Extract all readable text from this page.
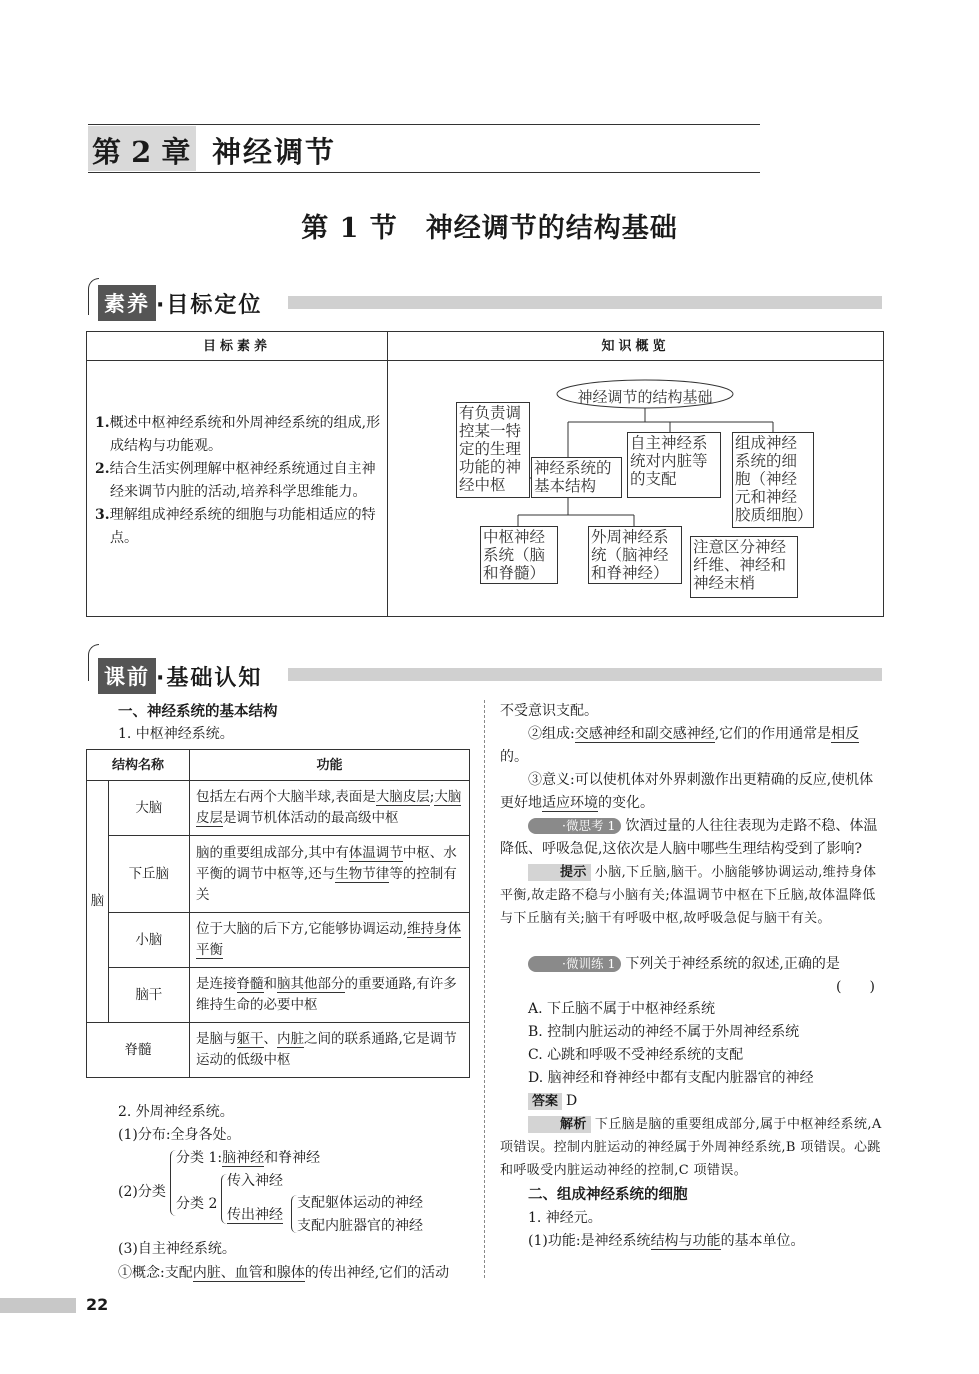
第 2 章 神经调节
第 1 节　神经调节的结构基础
素养 ·目标定位
目标素养	知识概览
1.概述中枢神经系统和外周神经系统的组成,形成结构与功能观。
2.结合生活实例理解中枢神经系统通过自主神经来调节内脏的活动,培养科学思维能力。
3.理解组成神经系统的细胞与功能相适应的特点。
神经调节的结构基础
有负责调控某一特定的生理功能的神经中枢
神经系统的基本结构
自主神经系统对内脏等的支配
组成神经系统的细胞（神经元和神经胶质细胞）
中枢神经系统（脑和脊髓）
外周神经系统（脑神经和脊神经）
注意区分神经纤维、神经和神经末梢
课前 ·基础认知
一、神经系统的基本结构
1. 中枢神经系统。
结构名称		功能
脑	大脑	包括左右两个大脑半球,表面是大脑皮层;大脑皮层是调节机体活动的最高级中枢
	下丘脑	脑的重要组成部分,其中有体温调节中枢、水平衡的调节中枢等,还与生物节律等的控制有关
	小脑	位于大脑的后下方,它能够协调运动,维持身体平衡
	脑干	是连接脊髓和脑其他部分的重要通路,有许多维持生命的必要中枢
脊髓		是脑与躯干、内脏之间的联系通路,它是调节运动的低级中枢
2. 外周神经系统。
(1)分布:全身各处。
(2)分类
分类 1:脑神经和脊神经
分类 2
传入神经
传出神经
支配躯体运动的神经
支配内脏器官的神经
(3)自主神经系统。
①概念:支配内脏、血管和腺体的传出神经,它们的活动
不受意识支配。
②组成:交感神经和副交感神经,它们的作用通常是相反的。
③意义:可以使机体对外界刺激作出更精确的反应,使机体更好地适应环境的变化。
·微思考 1 饮酒过量的人往往表现为走路不稳、体温降低、呼吸急促,这依次是人脑中哪些生理结构受到了影响?
提示 小脑,下丘脑,脑干。小脑能够协调运动,维持身体平衡,故走路不稳与小脑有关;体温调节中枢在下丘脑,故体温降低与下丘脑有关;脑干有呼吸中枢,故呼吸急促与脑干有关。
·微训练 1 下列关于神经系统的叙述,正确的是
(　　)
A. 下丘脑不属于中枢神经系统
B. 控制内脏运动的神经不属于外周神经系统
C. 心跳和呼吸不受神经系统的支配
D. 脑神经和脊神经中都有支配内脏器官的神经
答案 D
解析 下丘脑是脑的重要组成部分,属于中枢神经系统,A 项错误。控制内脏运动的神经属于外周神经系统,B 项错误。心跳和呼吸受内脏运动神经的控制,C 项错误。
二、组成神经系统的细胞
1. 神经元。
(1)功能:是神经系统结构与功能的基本单位。
22
